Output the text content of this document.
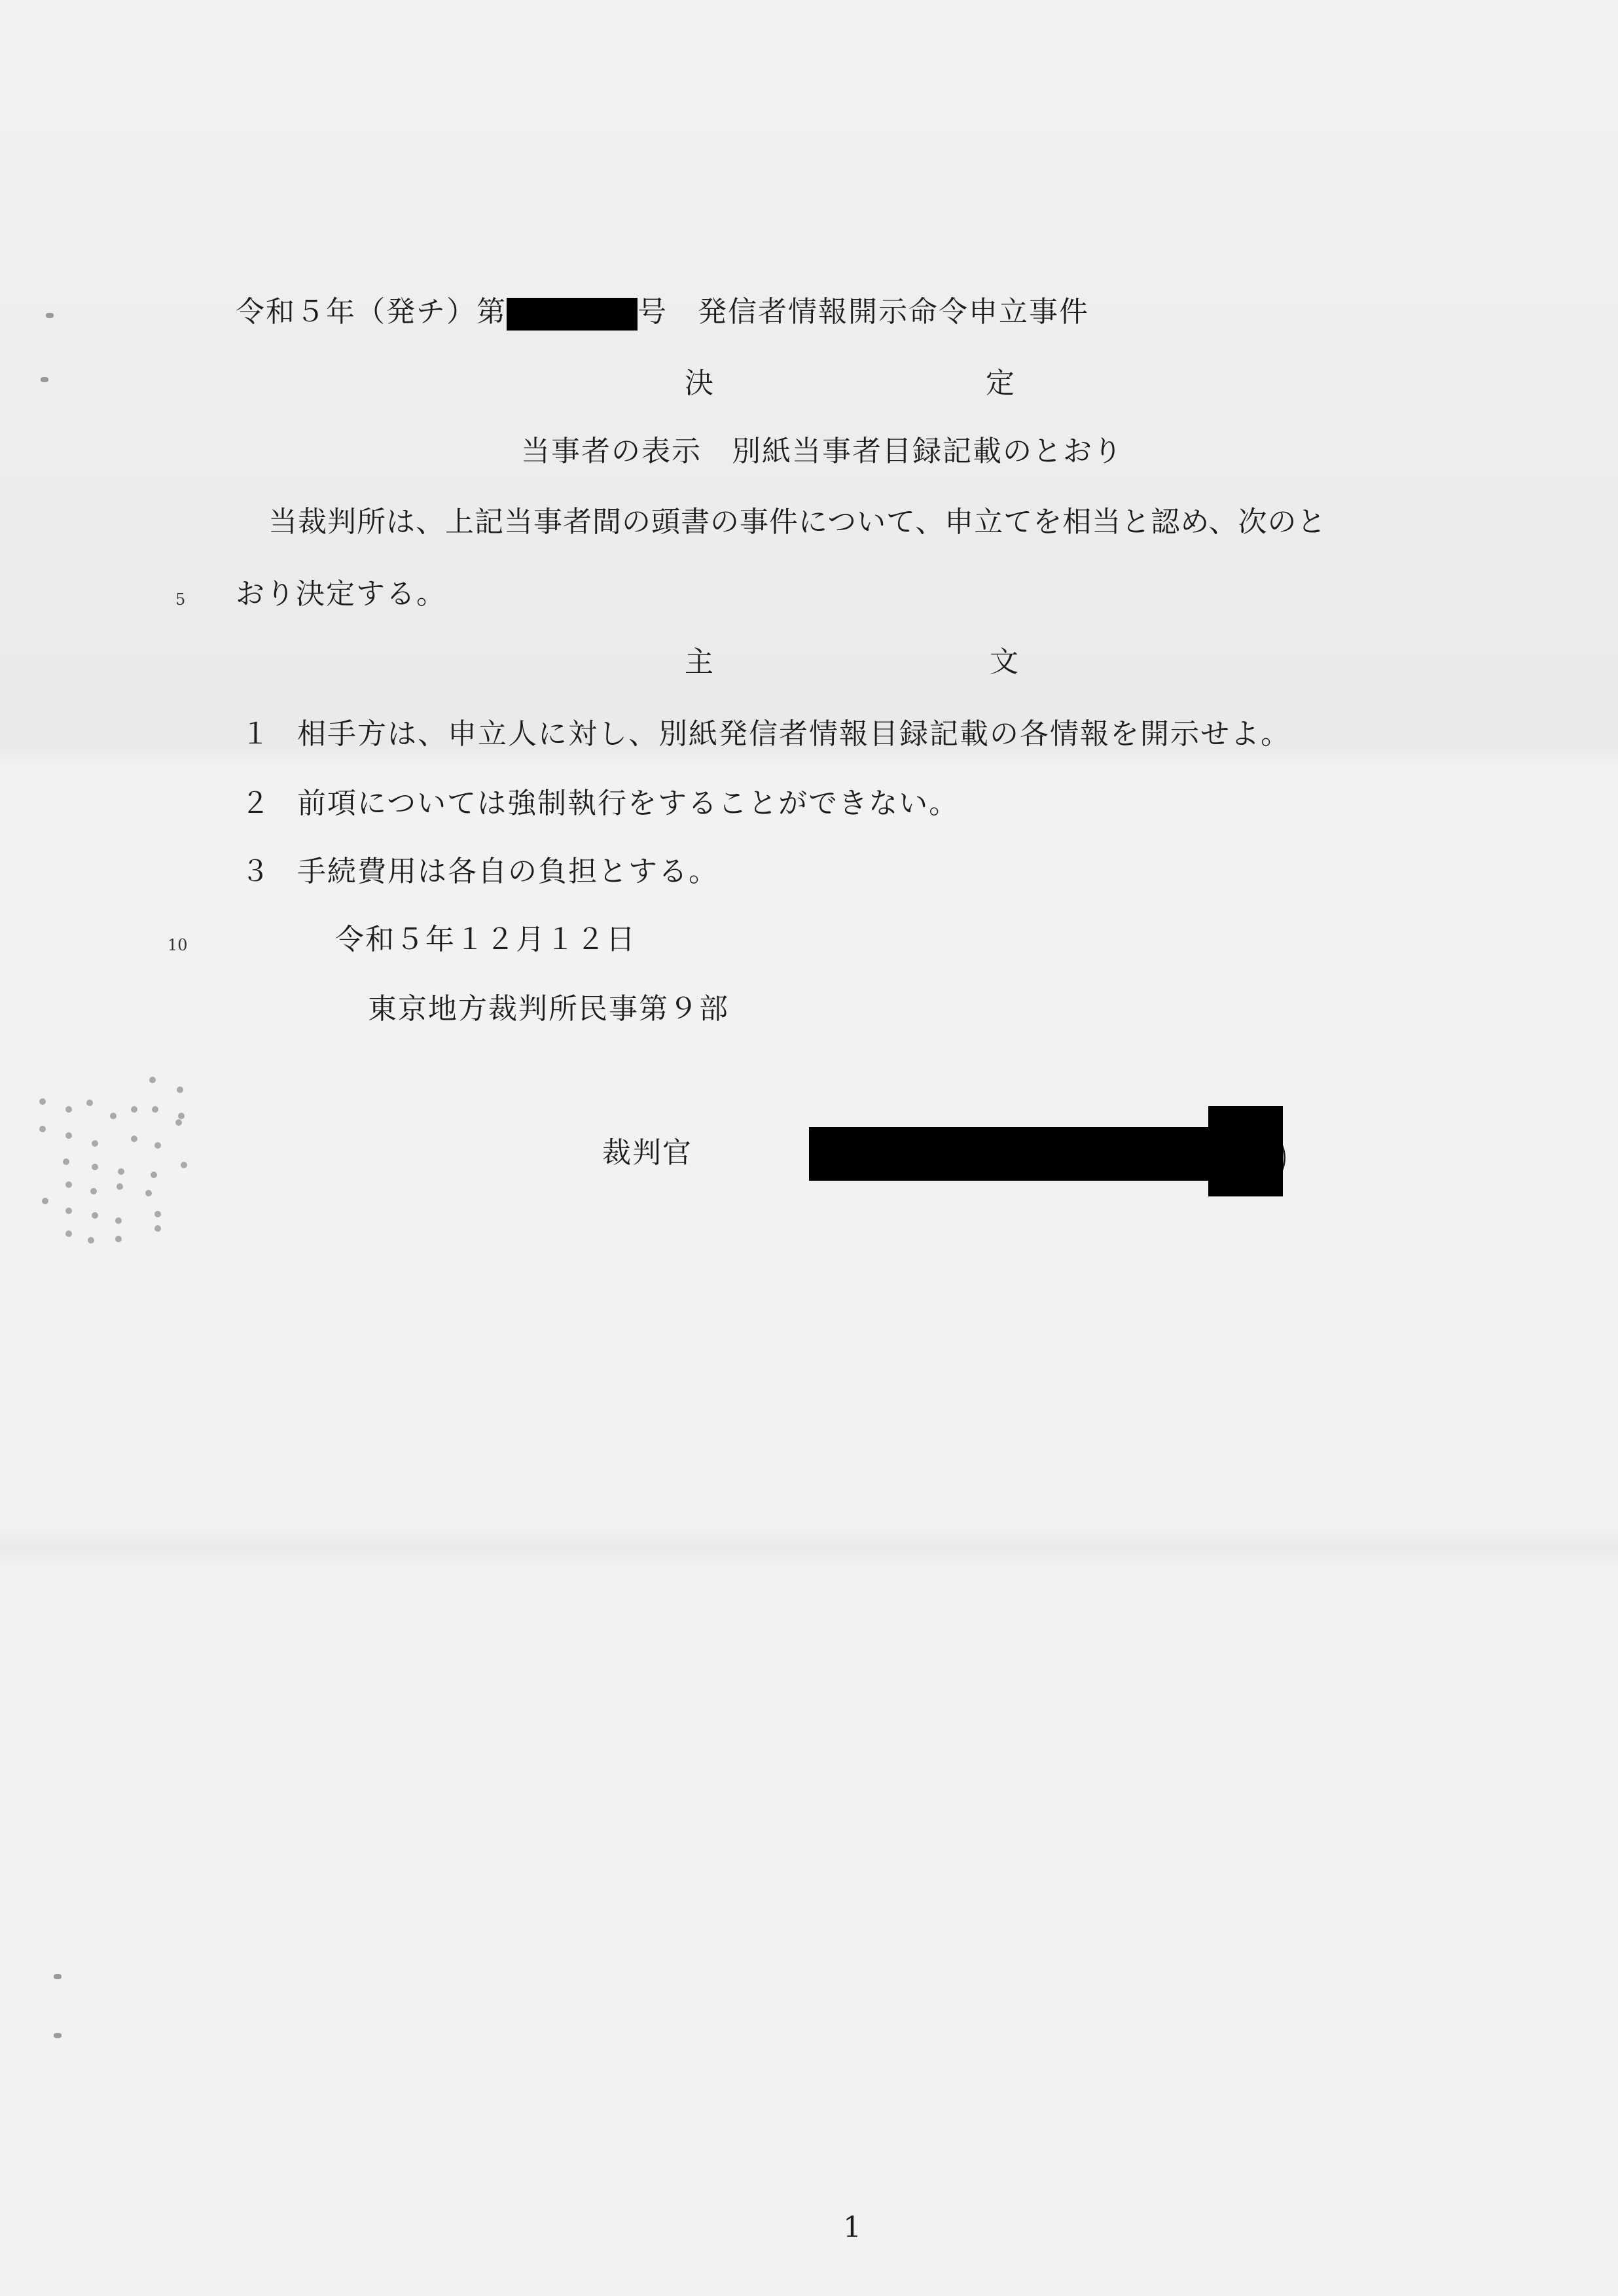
令和５年（発チ）第	号　発信者情報開示命令申立事件
決	定
当事者の表示　別紙当事者目録記載のとおり
当裁判所は、上記当事者間の頭書の事件について、申立てを相当と認め、次のと
5 おり決定する。
主	文
１ 相手方は、申立人に対し、別紙発信者情報目録記載の各情報を開示せよ。
２ 前項については強制執行をすることができない。
３ 手続費用は各自の負担とする。
10	令和５年１２月１２日
東京地方裁判所民事第９部
裁判官
1
